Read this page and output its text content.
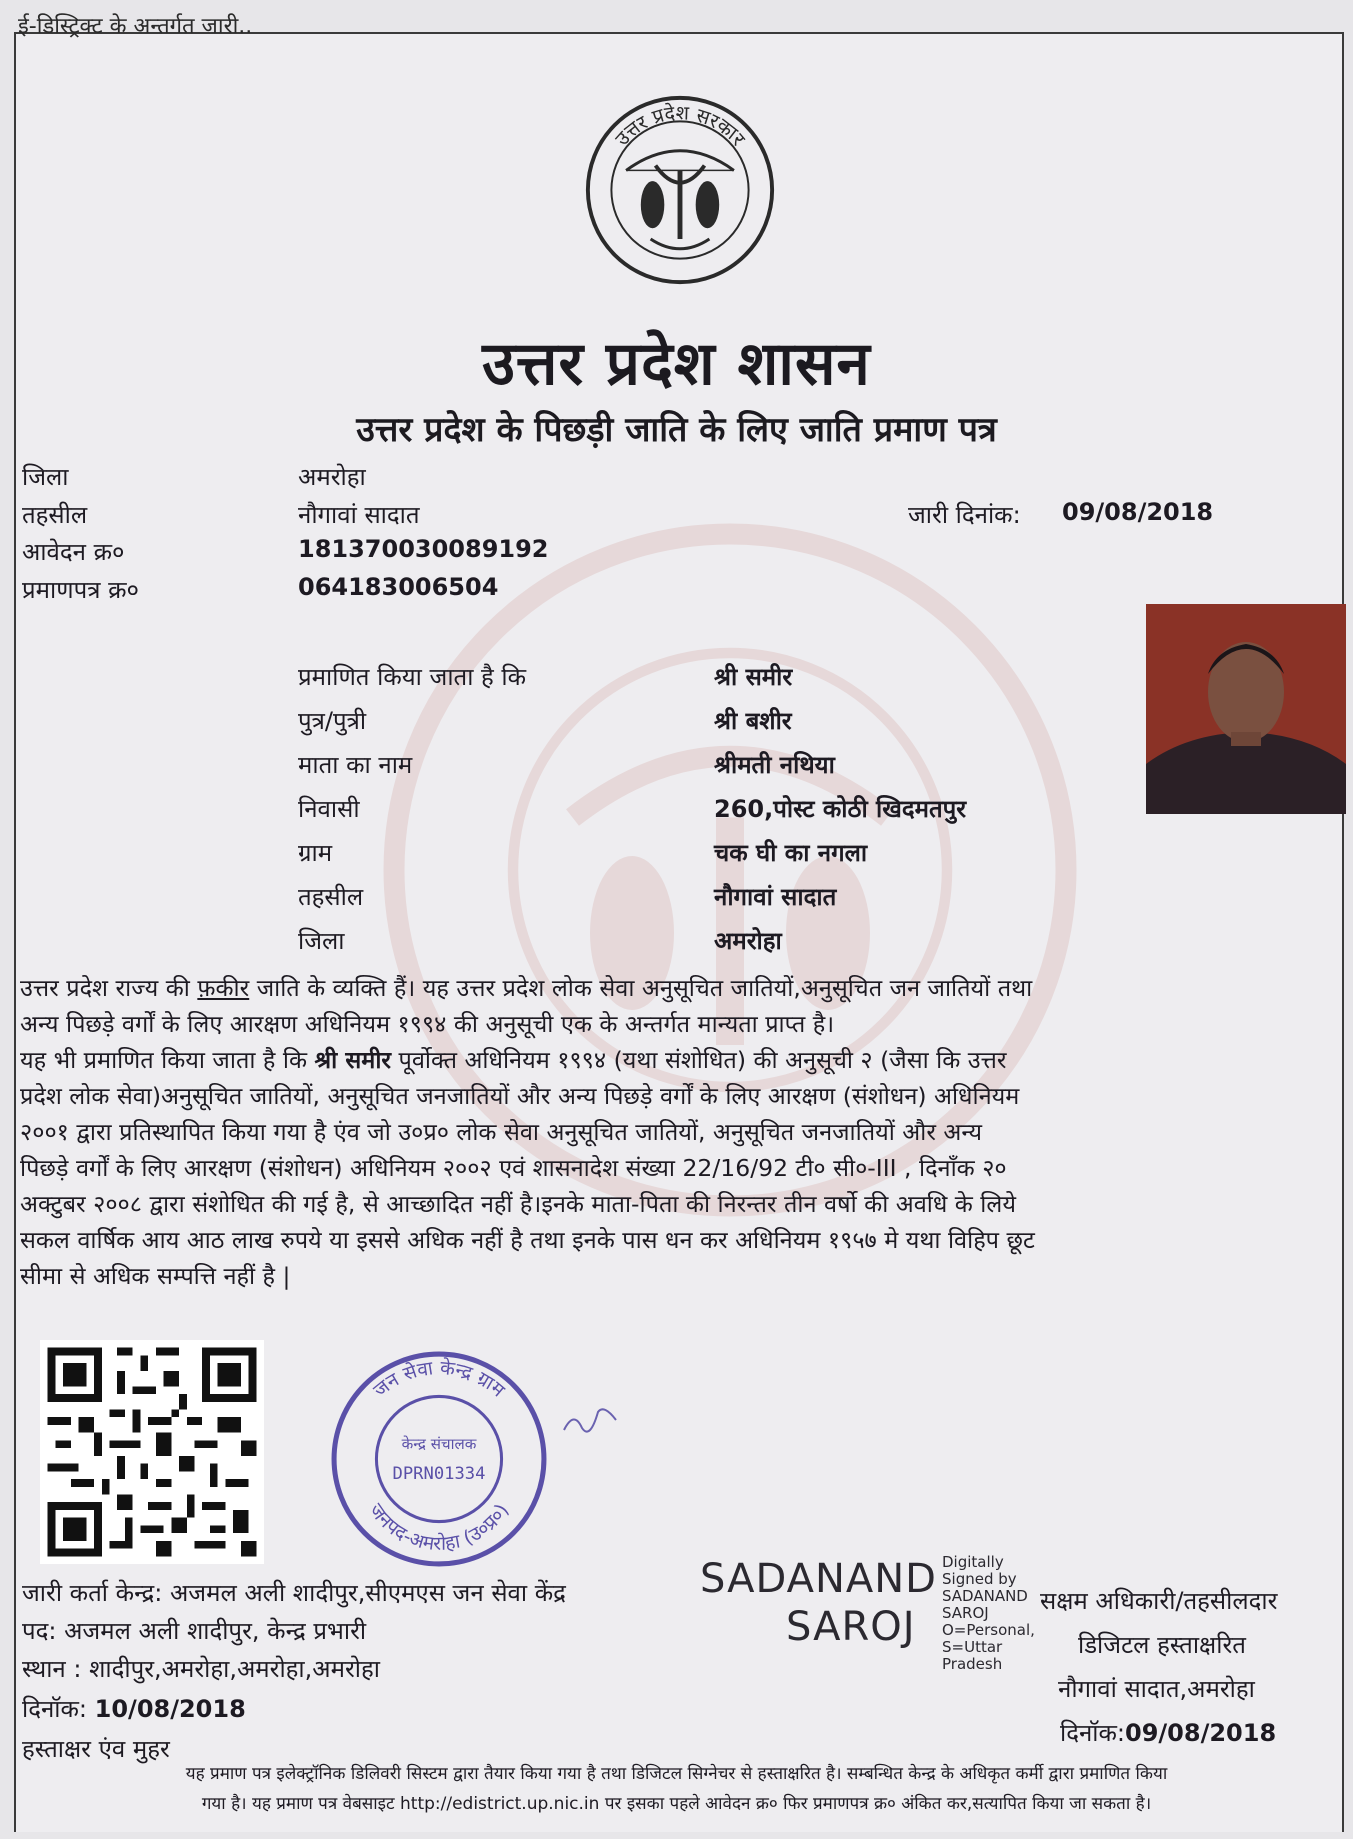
ई-डिस्ट्रिक्ट के अन्तर्गत जारी..
उत्तर प्रदेश सरकार
उत्तर प्रदेश शासन
उत्तर प्रदेश के पिछड़ी जाति के लिए जाति प्रमाण पत्र
जिला	अमरोहा
तहसील	नौगावां सादात	जारी दिनांक: 09/08/2018
आवेदन क्र०	181370030089192
प्रमाणपत्र क्र०	064183006504
प्रमाणित किया जाता है कि	श्री समीर
पुत्र/पुत्री	श्री बशीर
माता का नाम	श्रीमती नथिया
निवासी	260,पोस्ट कोठी खिदमतपुर
ग्राम	चक घी का नगला
तहसील	नौगावां सादात
जिला	अमरोहा
उत्तर प्रदेश राज्य की फ़कीर जाति के व्यक्ति हैं। यह उत्तर प्रदेश लोक सेवा अनुसूचित जातियों,अनुसूचित जन जातियों तथा
अन्य पिछड़े वर्गों के लिए आरक्षण अधिनियम १९९४ की अनुसूची एक के अन्तर्गत मान्यता प्राप्त है।
यह भी प्रमाणित किया जाता है कि श्री समीर पूर्वोक्त अधिनियम १९९४ (यथा संशोधित) की अनुसूची २ (जैसा कि उत्तर
प्रदेश लोक सेवा)अनुसूचित जातियों, अनुसूचित जनजातियों और अन्य पिछड़े वर्गों के लिए आरक्षण (संशोधन) अधिनियम
२००१ द्वारा प्रतिस्थापित किया गया है एंव जो उ०प्र० लोक सेवा अनुसूचित जातियों, अनुसूचित जनजातियों और अन्य
पिछड़े वर्गों के लिए आरक्षण (संशोधन) अधिनियम २००२ एवं शासनादेश संख्या 22/16/92 टी० सी०-III , दिनाँक २०
अक्टुबर २००८ द्वारा संशोधित की गई है, से आच्छादित नहीं है।इनके माता-पिता की निरन्तर तीन वर्षो की अवधि के लिये
सकल वार्षिक आय आठ लाख रुपये या इससे अधिक नहीं है तथा इनके पास धन कर अधिनियम १९५७ मे यथा विहिप छूट
सीमा से अधिक सम्पत्ति नहीं है |
जन सेवा केन्द्र ग्राम
जनपद-अमरोहा (उ०प्र०)
केन्द्र संचालक
DPRN01334
जारी कर्ता केन्द्र: अजमल अली शादीपुर,सीएमएस जन सेवा केंद्र
पद: अजमल अली शादीपुर, केन्द्र प्रभारी
स्थान : शादीपुर,अमरोहा,अमरोहा,अमरोहा
दिनॉक: 10/08/2018
हस्ताक्षर एंव मुहर
SADANAND
SAROJ
Digitally
Signed by
SADANAND
SAROJ
O=Personal,
S=Uttar
Pradesh
सक्षम अधिकारी/तहसीलदार
डिजिटल हस्ताक्षरित
नौगावां सादात,अमरोहा
दिनॉक:09/08/2018
यह प्रमाण पत्र इलेक्ट्रॉनिक डिलिवरी सिस्टम द्वारा तैयार किया गया है तथा डिजिटल सिग्नेचर से हस्ताक्षरित है। सम्बन्धित केन्द्र के अधिकृत कर्मी द्वारा प्रमाणित किया
गया है। यह प्रमाण पत्र वेबसाइट http://edistrict.up.nic.in पर इसका पहले आवेदन क्र० फिर प्रमाणपत्र क्र० अंकित कर,सत्यापित किया जा सकता है।
